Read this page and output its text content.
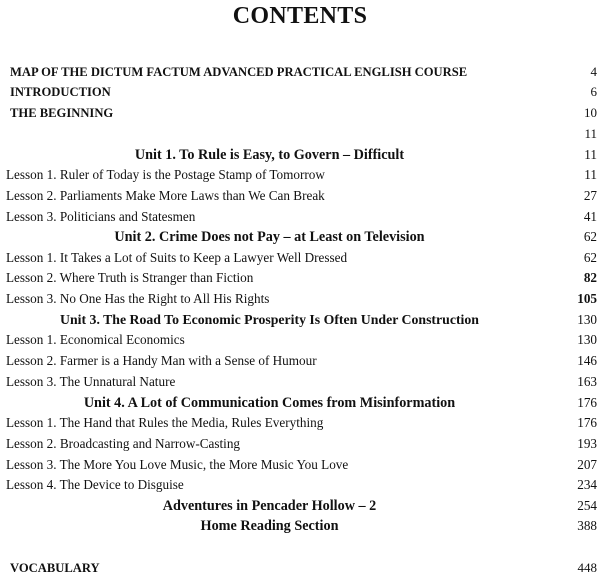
CONTENTS
MAP OF THE DICTUM FACTUM ADVANCED PRACTICAL ENGLISH COURSE	4
INTRODUCTION	6
THE BEGINNING	10
11
Unit 1. To Rule is Easy, to Govern – Difficult	11
Lesson 1. Ruler of Today is the Postage Stamp of Tomorrow	11
Lesson 2. Parliaments Make More Laws than We Can Break	27
Lesson 3. Politicians and Statesmen	41
Unit 2. Crime Does not Pay – at Least on Television	62
Lesson 1. It Takes a Lot of Suits to Keep a Lawyer Well Dressed	62
Lesson 2. Where Truth is Stranger than Fiction	82
Lesson 3. No One Has the Right to All His Rights	105
Unit 3. The Road To Economic Prosperity Is Often Under Construction	130
Lesson 1. Economical Economics	130
Lesson 2. Farmer is a Handy Man with a Sense of Humour	146
Lesson 3. The Unnatural Nature	163
Unit 4. A Lot of Communication Comes from Misinformation	176
Lesson 1. The Hand that Rules the Media, Rules Everything	176
Lesson 2. Broadcasting and Narrow-Casting	193
Lesson 3. The More You Love Music, the More Music You Love	207
Lesson 4. The Device to Disguise	234
Adventures in Pencader Hollow – 2	254
Home Reading Section	388
VOCABULARY	448
